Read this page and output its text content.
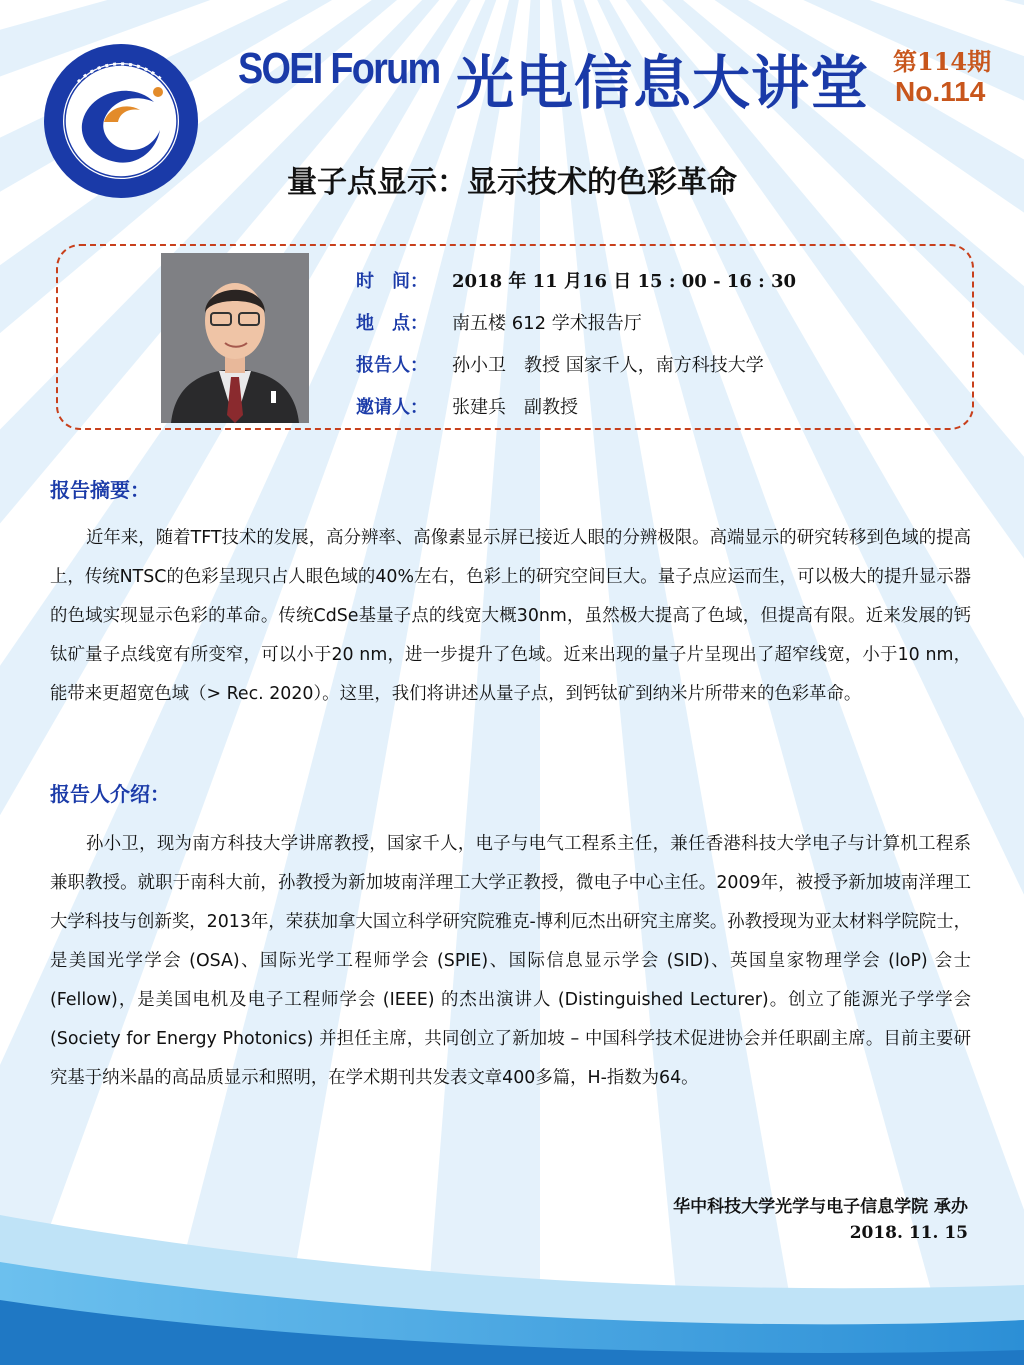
SOEI Forum 光电信息大讲堂 第114期
No.114
量子点显示：显示技术的色彩革命
时　间： 2018 年 11 月16 日 15 : 00 - 16 : 30
地　点： 南五楼 612 学术报告厅
报告人： 孙小卫　教授 国家千人，南方科技大学
邀请人： 张建兵　副教授
报告摘要：
近年来，随着TFT技术的发展，高分辨率、高像素显示屏已接近人眼的分辨极限。高端显示的研究转移到色域的提高上，传统NTSC的色彩呈现只占人眼色域的40%左右，色彩上的研究空间巨大。量子点应运而生，可以极大的提升显示器的色域实现显示色彩的革命。传统CdSe基量子点的线宽大概30nm，虽然极大提高了色域，但提高有限。近来发展的钙钛矿量子点线宽有所变窄，可以小于20 nm，进一步提升了色域。近来出现的量子片呈现出了超窄线宽，小于10 nm，能带来更超宽色域（> Rec. 2020）。这里，我们将讲述从量子点，到钙钛矿到纳米片所带来的色彩革命。
报告人介绍：
孙小卫，现为南方科技大学讲席教授，国家千人，电子与电气工程系主任，兼任香港科技大学电子与计算机工程系兼职教授。就职于南科大前，孙教授为新加坡南洋理工大学正教授，微电子中心主任。2009年，被授予新加坡南洋理工大学科技与创新奖，2013年，荣获加拿大国立科学研究院雅克-博利厄杰出研究主席奖。孙教授现为亚太材料学院院士，是美国光学学会 (OSA)、国际光学工程师学会 (SPIE)、国际信息显示学会 (SID)、英国皇家物理学会 (loP) 会士 (Fellow)，是美国电机及电子工程师学会 (IEEE) 的杰出演讲人 (Distinguished Lecturer)。创立了能源光子学学会 (Society for Energy Photonics) 并担任主席，共同创立了新加坡 – 中国科学技术促进协会并任职副主席。目前主要研究基于纳米晶的高品质显示和照明，在学术期刊共发表文章400多篇，H-指数为64。
华中科技大学光学与电子信息学院 承办
2018. 11. 15
